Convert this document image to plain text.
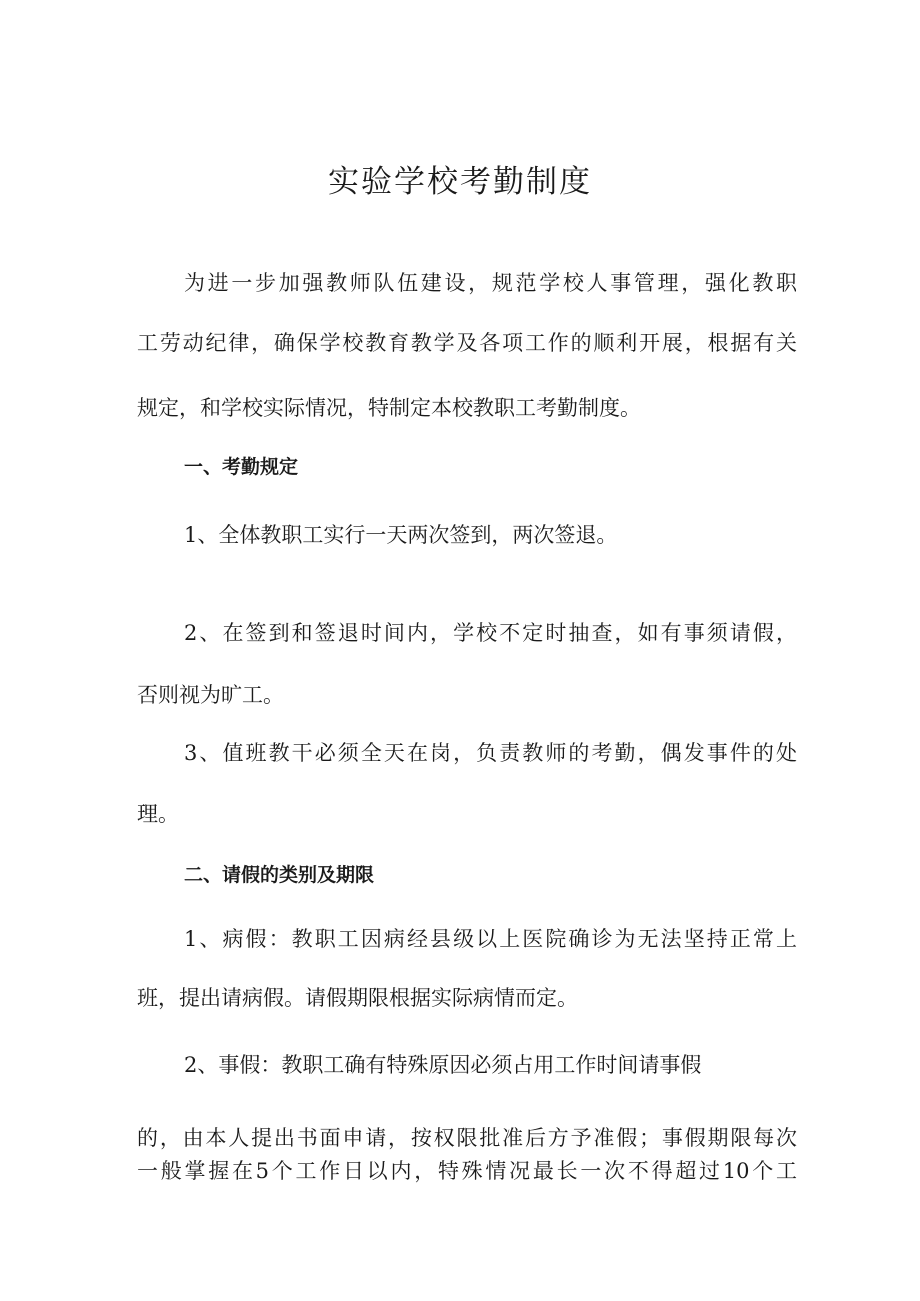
实验学校考勤制度

为进一步加强教师队伍建设，规范学校人事管理，强化教职

工劳动纪律，确保学校教育教学及各项工作的顺利开展，根据有关

规定，和学校实际情况，特制定本校教职工考勤制度。

一、考勤规定

1、全体教职工实行一天两次签到，两次签退。

2、在签到和签退时间内，学校不定时抽查，如有事须请假，

否则视为旷工。

3、值班教干必须全天在岗，负责教师的考勤，偶发事件的处

理。

二、请假的类别及期限

1、病假：教职工因病经县级以上医院确诊为无法坚持正常上

班，提出请病假。请假期限根据实际病情而定。

2、事假：教职工确有特殊原因必须占用工作时间请事假

的，由本人提出书面申请，按权限批准后方予准假；事假期限每次

一般掌握在5个工作日以内，特殊情况最长一次不得超过10个工
